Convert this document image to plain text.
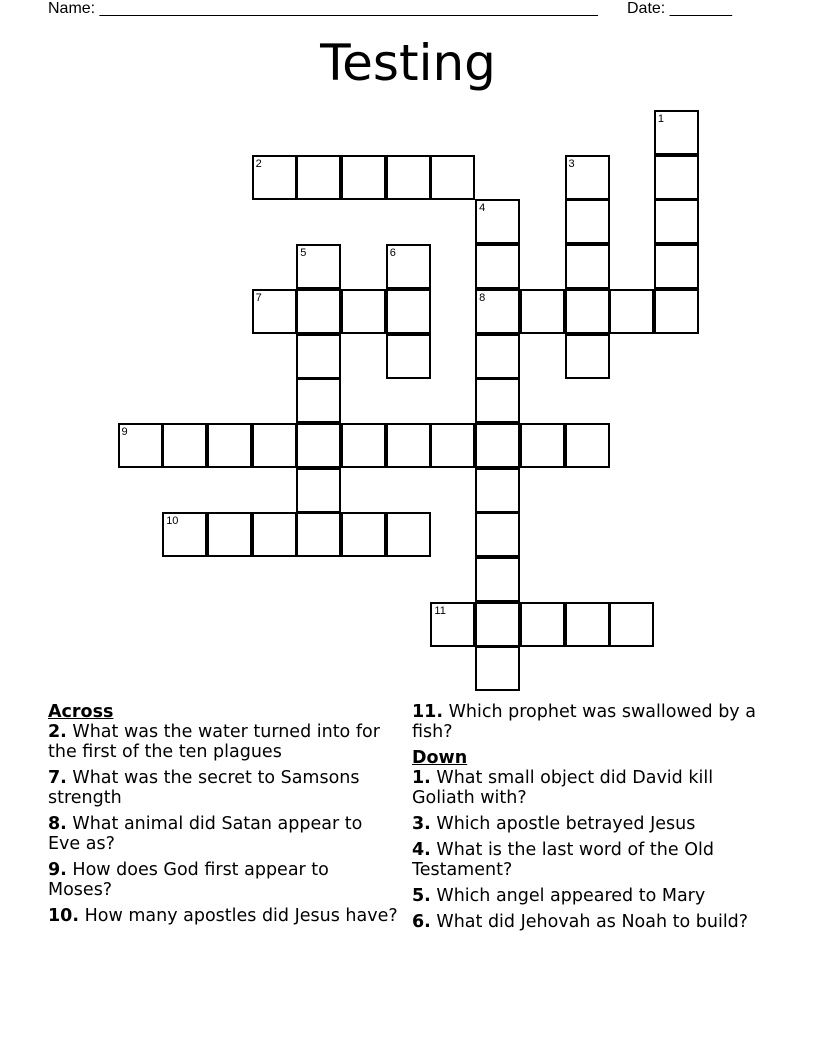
Name: ________________________________________________________ Date: _______
Testing
1
2	3
4
5	6
7	8
9
10
11

Across

2. What was the water turned into for the first of the ten plagues

7. What was the secret to Samsons strength

8. What animal did Satan appear to Eve as?

9. How does God first appear to Moses?

10. How many apostles did Jesus have?

11. Which prophet was swallowed by a fish?

Down

1. What small object did David kill Goliath with?

3. Which apostle betrayed Jesus

4. What is the last word of the Old Testament?

5. Which angel appeared to Mary

6. What did Jehovah as Noah to build?
